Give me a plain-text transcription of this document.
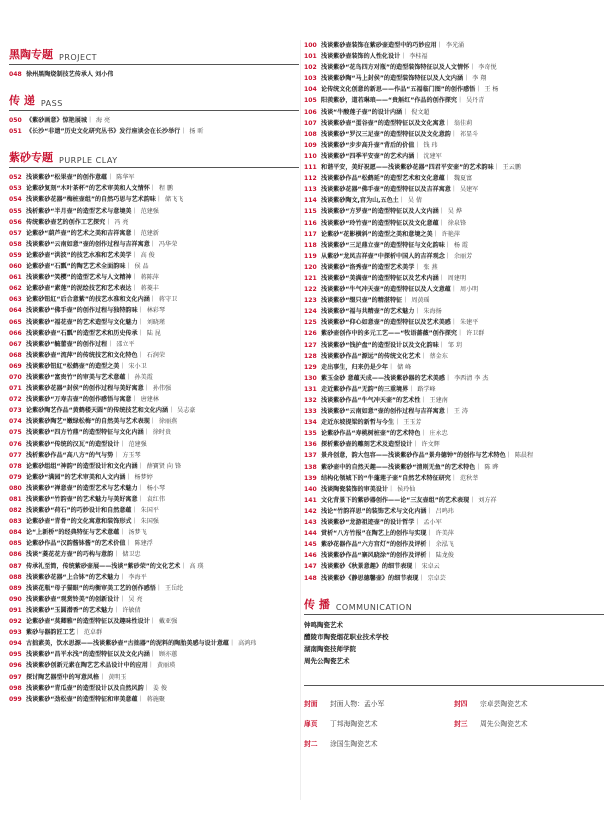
黑陶专题 PROJECT
048 徐州黑陶烧制技艺传承人 刘小伟
传 递 PASS
050 《紫砂画意》惊艳展城｜ 海 亮
051 《长沙“非遗”历史文化研究丛书》发行座谈会在长沙举行｜ 扬 昕
紫砂专题 PURPLE CLAY
052 浅谈紫砂“松果壶”的创作意蕴｜ 陈华军
053 论紫砂复刻“木叶茶杯”的艺术审美和人文情怀｜ 程 鹏
054 浅谈紫砂花器“梅桩壶组”的自然巧思与艺术韵味｜ 储飞飞
055 浅析紫砂“半月壶”的造型艺术与意境美｜ 范建强
056 传统紫砂壶艺的创作工艺探究｜ 冯 亮
057 论紫砂“葫芦壶”的艺术之美和吉祥寓意｜ 范建新
058 浅谈紫砂“云南如意”壶的创作过程与吉祥寓意｜ 冯华荣
059 论紫砂壶“洪波”的技艺水准和艺术美学｜ 高 俊
060 论紫砂壶“石瓢”的陶艺艺术全面韵味｜ 侯 品
061 浅谈紫砂“笑樱”的造型艺术与人文精神｜ 蒋陈萍
062 论紫砂壶“素莲”的泥绘技艺和艺术表达｜ 蒋菱丰
063 论紫砂钮紅“后合意紫”的技艺水准和文化内涵｜ 蒋守卫
064 浅谈紫砂“佛手壶”的创作过程与独特韵味｜ 林彩琴
065 浅谈紫砂“福花壶”的艺术造型与文化魅力｜ 刘晓瑾
066 浅谈紫砂壶“石瓢”的造型艺术和历史传承｜ 陆 昆
067 浅谈紫砂“毓蕾壶”的创作过程｜ 邵立平
068 浅谈紫砂壶“流萍”的传统技艺和文化特色｜ 石润荣
069 浅谈紫砂钮紅“松鹤壶”的造型之美｜ 宋小卫
070 浅谈紫砂“富贵竹”的审美与艺术意蕴｜ 孙美霞
071 浅谈紫砂花器“封侯”的创作过程与美好寓意｜ 孙伟强
072 浅谈紫砂“万寿吉壶”的创作感悟与寓意｜ 唐建林
073 论紫砂陶艺作品“黄鹤楼天圆”的传统技艺和文化内涵｜ 吴志豪
074 浅谈紫砂陶艺“嫩绿松梅”的自然美与艺术表现｜ 徐丽燕
075 浅谈紫砂“四方竹鼎”的造型特征与文化内涵｜ 徐时贵
076 浅谈紫砂“传统的汉瓦”的造型设计｜ 范建强
077 浅析紫砂作品“高八方”的气与势｜ 方玉琴
078 论紫砂组组“神韵”的造型设计和文化内涵｜ 薛寶贤 向 锋
079 论紫砂“满园”的艺术审美和人文内涵｜ 杨梦婷
080 浅谈紫砂“禅意壶”的造型艺术与艺术魅力｜ 杨小琴
081 浅谈紫砂“竹韵壶”的艺术魅力与美好寓意｜ 袁红伟
082 浅谈紫砂“荷石”的巧妙设计和自然意蕴｜ 朱国平
083 论紫砂壶“青骨”的文化寓意和装饰形式｜ 朱国强
084 论“上新桥”的经典特征与艺术意蕴｜ 汤梦飞
085 论紫砂作品“汉韵酱钵酱”的艺术价值｜ 陈建浮
086 浅谈“菱花花方壶”的巧构与意韵｜ 储卫忠
087 传承礼至简，传统紫砂壶展——浅谈“紫砂荣”的文化艺术｜ 高 瑛
088 浅谈紫砂花器“上合钵”的艺术魅力｜ 李海平
089 浅谈花瓶“母子猫眼”的均衡审美工艺的创作感悟｜ 王岳纶
090 浅谈紫砂壶“观赏铃美”的创新设计｜ 吴 亮
091 浅谈紫砂“玉圆潜香”的艺术魅力｜ 许敏倩
092 论紫砂壶“莫卿雅”的造型特征以及趣味性设计｜ 戴亚强
093 紫砂与器韵匠工艺｜ 范卓群
094 古拙素美，饮水思源——浅谈紫砂壶“古拙器”的泥料的陶胎美感与设计意蕴｜ 高鸿玮
095 浅谈紫砂“昌平水浅”的造型特征以及文化内涵｜ 顾亦蕙
096 浅谈紫砂创新元素在陶艺艺术品设计中的应用｜ 黄丽瑛
097 探讨陶艺器型中的写意风格｜ 黄明玉
098 浅谈紫砂“青瓜壶”的造型设计以及自然风韵｜ 姜 俊
099 浅谈紫砂“劲松壶”的造型特征和审美意蕴｜ 蒋施聚
100 浅谈紫砂壶装饰在紫砂壶造型中的巧妙应用｜ 李光涌
101 浅谈紫砂壶装饰的人性化设计｜ 李桂福
102 浅谈紫砂“花鸟四方对瓶”的造型装饰特征以及人文情怀｜ 李奇悦
103 浅谈紫砂陶“马上封侯”的造型装饰特征以及人文内涵｜ 李 翔
104 论传统文化创意的新思——作品“五福临门图”的创作感悟｜ 王 杨
105 阳羡紫砂，道若琳琅——“贵斛红”作品的创作探究｜ 吴丹青
106 浅谈“牛酸莲子壶”的设计内涵｜ 倪文超
107 浅谈紫砂壶“蛋谷壶”的造型特征以及文化寓意｜ 翁佳莉
108 浅谈紫砂“罗汉三足壶”的造型特征以及文化意韵｜ 祁显斗
109 浅谈紫砂“步步高升壶”背后的价值｜ 钱 玮
110 浅谈紫砂“四季平安壶”的艺术内涵｜ 沈建军
111 和谐平安，美好祝愿——浅谈紫砂花器“四君平安壶”的艺术韵味｜ 王云鹏
112 浅谈紫砂作品“松鹤延”的造型艺术和文化意蕴｜ 魏夏富
113 浅谈紫砂花器“佛手壶”的造型特征以及吉祥寓意｜ 吴建军
114 浅谈紫砂陶文,宫为山,五色土｜ 吴 倩
115 浅谈紫砂“方罗壶”的造型特征以及人文内涵｜ 吴 烨
116 浅谈紫砂“玲竹壶”的造型特征以及文化意蕴｜ 徐泉锋
117 论紫砂“花影横斜”的造型之美和意境之美｜ 许艳萍
118 浅谈紫砂“三足鼎立壶”的造型特征与文化韵味｜ 杨 霞
119 从紫砂“龙凤吉祥壶”中探析中国人的吉祥观念｜ 余丽芳
120 浅谈紫砂“洛秀壶”的造型艺术美学｜ 张 燕
121 浅谈紫砂“美满壶”的造型特征以及艺术内涵｜ 周建明
122 浅谈紫砂“牛气冲天壶”的造型特征以及人文意蕴｜ 周小明
123 浅谈紫砂“缀只壶”的精湛特征｜ 周黄瑶
124 浅谈紫砂“福与共精壶”的艺术魅力｜ 朱海扬
125 浅谈紫砂“仰心如意壶”的造型特征以及艺术美感｜ 朱建平
126 紫砂壶创作中的多元工艺——“牧语蔷薇”创作探究｜ 许卫群
127 浅谈紫砂“钱护盘”的造型设计以及文化韵味｜ 邹 玥
128 浅谈紫砂作品“源远”的传统文化艺术｜ 蔡金东
129 走出事生，归来仍是少年｜ 储 峰
130 紫玉金砂 意蕴天成——浅谈紫砂器的艺术美感｜ 李西清 李 杰
131 走近紫砂作品“无韵”的三重境界｜ 路学峰
132 浅谈紫砂作品“牛气冲天壶”的艺术性｜ 王建南
133 浅谈紫砂“云南如意”壶的创作过程与吉祥寓意｜ 王 涛
134 走近东坡提梁的新哲与今生｜ 王玉芳
135 论紫砂作品“寿桃树桩壶”的艺术特色｜ 庄永忠
136 探析紫砂壶的雕刻艺术及造型设计｜ 许文辉
137 景舟创意，韵大包容——浅谈紫砂作品“景舟德钟”的创作与艺术特色｜ 陈晨程
138 紫砂壶中的自然天趣——浅谈紫砂“清则无鱼”的艺术特色｜ 陈 晔
139 结构化领城下的“牛蓬莲子壶”自然艺术特征研究｜ 范秋莘
140 浅谈陶瓷装饰的审美设计｜ 侯玲仙
141 文化背景下的紫砂器创作——论“三友壶组”的艺术表现｜ 刘方祥
142 浅论“竹韵祥思”的装饰艺术与文化内涵｜ 吕鸣玮
143 浅谈紫砂“龙游祖迹壶”的设计哲学｜ 孟小军
144 赏析“八方竹报”在陶艺上的创作与实现｜ 许美萍
145 紫砂花器作品“六方宫灯”的创作及评析｜ 余泓飞
146 浅谈紫砂作品“寨风晓涂”的创作及评析｜ 陆龙俊
147 浅谈紫砂《秋景意趣》的细节表现｜ 宋卓云
148 浅谈紫砂《静思德馨壶》的细节表现｜ 宗卓芸
传 播 COMMUNICATION
钟鸣陶瓷艺术
醴陵市陶瓷烟花职业技术学校
湖南陶瓷技师学院
周先公陶瓷艺术
封面	封面人物：孟小军	封四	宗卓芸陶瓷艺术
扉页	丁邦海陶瓷艺术	封三	周先公陶瓷艺术
封二	涂国生陶瓷艺术
